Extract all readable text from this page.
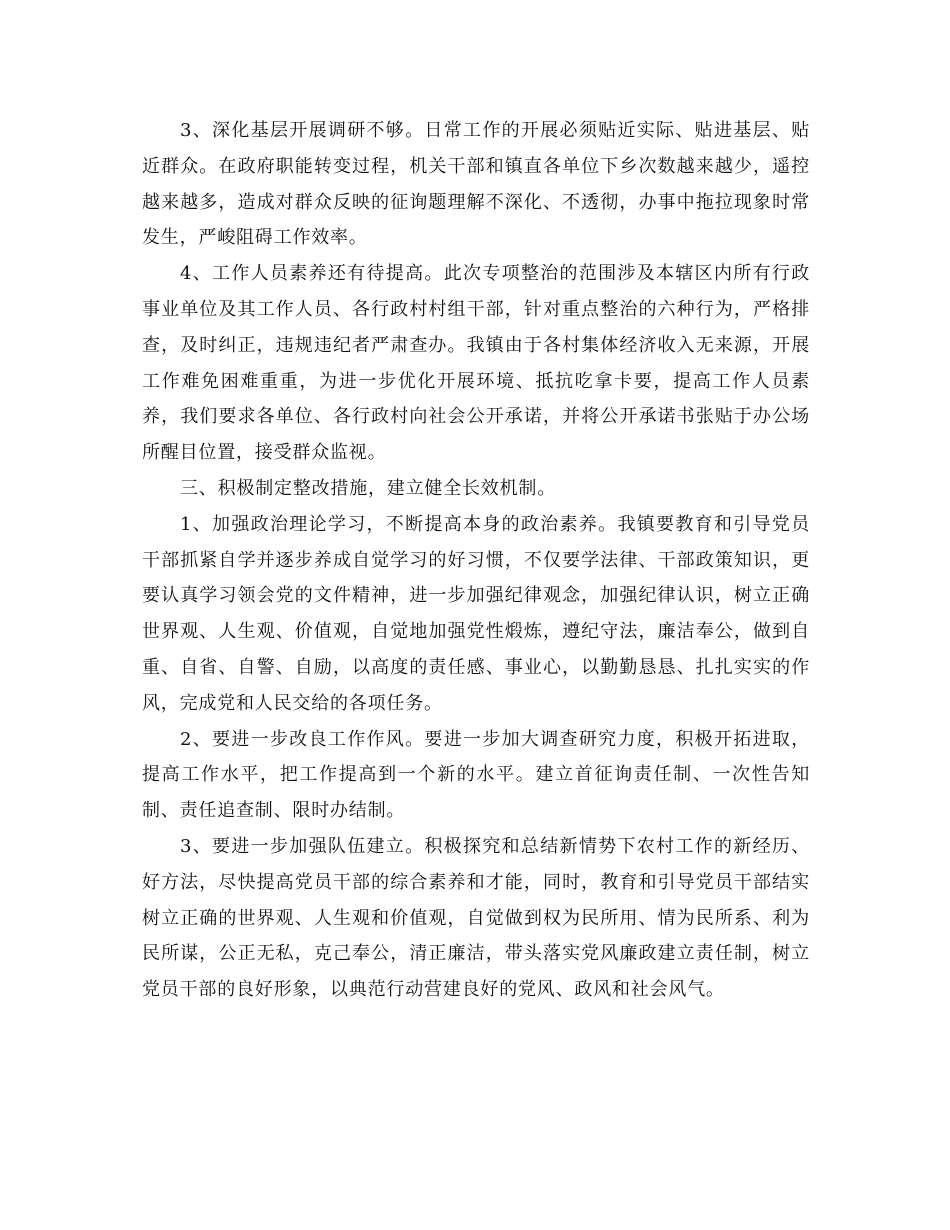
3、深化基层开展调研不够。日常工作的开展必须贴近实际、贴进基层、贴近群众。在政府职能转变过程，机关干部和镇直各单位下乡次数越来越少，遥控越来越多，造成对群众反映的征询题理解不深化、不透彻，办事中拖拉现象时常发生，严峻阻碍工作效率。

4、工作人员素养还有待提高。此次专项整治的范围涉及本辖区内所有行政事业单位及其工作人员、各行政村村组干部，针对重点整治的六种行为，严格排查，及时纠正，违规违纪者严肃查办。我镇由于各村集体经济收入无来源，开展工作难免困难重重，为进一步优化开展环境、抵抗吃拿卡要，提高工作人员素养，我们要求各单位、各行政村向社会公开承诺，并将公开承诺书张贴于办公场所醒目位置，接受群众监视。

三、积极制定整改措施，建立健全长效机制。

1、加强政治理论学习，不断提高本身的政治素养。我镇要教育和引导党员干部抓紧自学并逐步养成自觉学习的好习惯，不仅要学法律、干部政策知识，更要认真学习领会党的文件精神，进一步加强纪律观念，加强纪律认识，树立正确世界观、人生观、价值观，自觉地加强党性煅炼，遵纪守法，廉洁奉公，做到自重、自省、自警、自励，以高度的责任感、事业心，以勤勤恳恳、扎扎实实的作风，完成党和人民交给的各项任务。

2、要进一步改良工作作风。要进一步加大调查研究力度，积极开拓进取，提高工作水平，把工作提高到一个新的水平。建立首征询责任制、一次性告知制、责任追查制、限时办结制。

3、要进一步加强队伍建立。积极探究和总结新情势下农村工作的新经历、好方法，尽快提高党员干部的综合素养和才能，同时，教育和引导党员干部结实树立正确的世界观、人生观和价值观，自觉做到权为民所用、情为民所系、利为民所谋，公正无私，克己奉公，清正廉洁，带头落实党风廉政建立责任制，树立党员干部的良好形象，以典范行动营建良好的党风、政风和社会风气。
